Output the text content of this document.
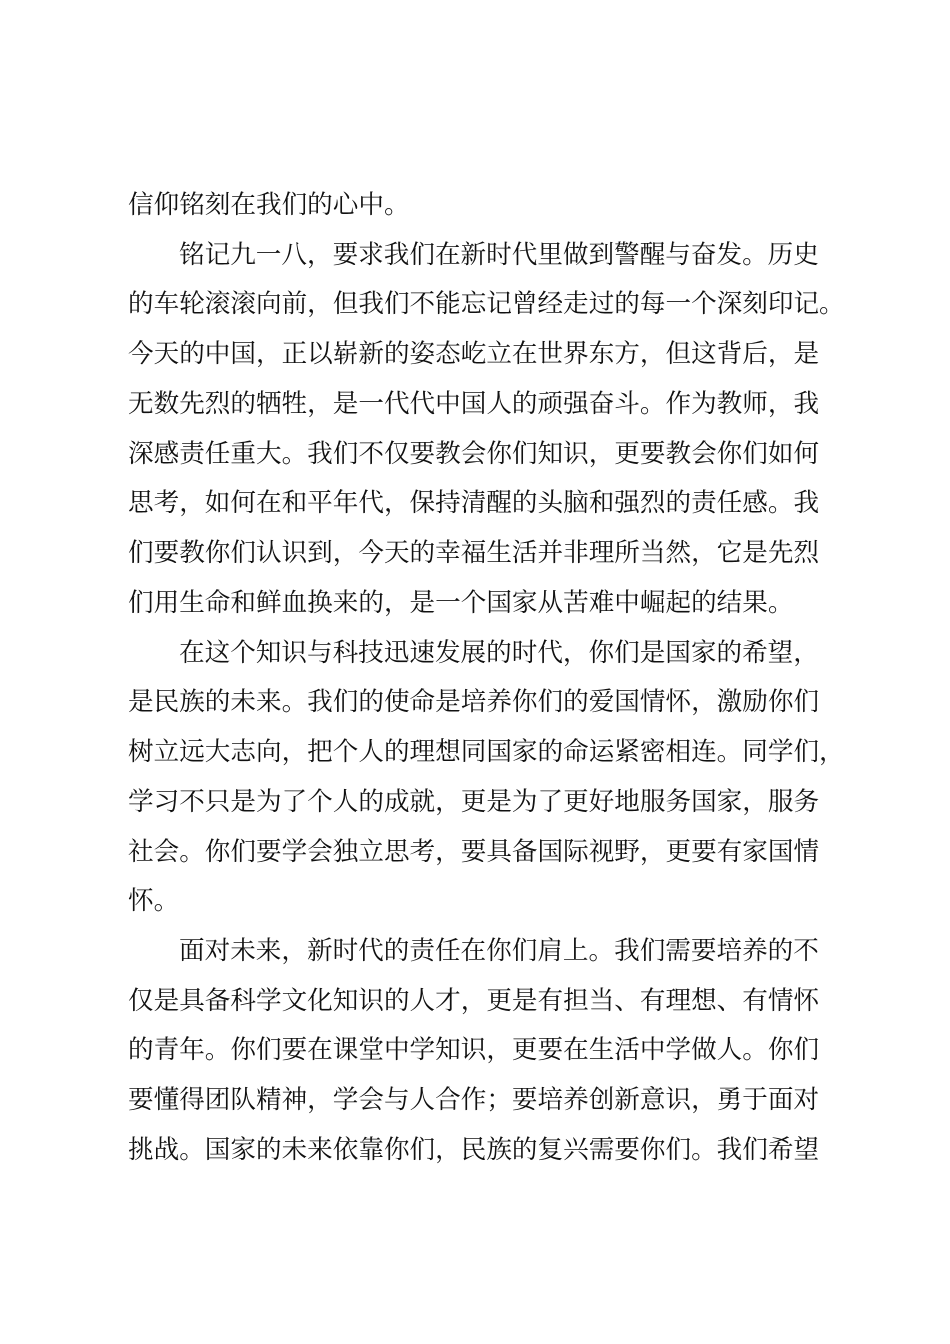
信仰铭刻在我们的心中。
铭记九一八，要求我们在新时代里做到警醒与奋发。历史
的车轮滚滚向前，但我们不能忘记曾经走过的每一个深刻印记。
今天的中国，正以崭新的姿态屹立在世界东方，但这背后，是
无数先烈的牺牲，是一代代中国人的顽强奋斗。作为教师，我
深感责任重大。我们不仅要教会你们知识，更要教会你们如何
思考，如何在和平年代，保持清醒的头脑和强烈的责任感。我
们要教你们认识到，今天的幸福生活并非理所当然，它是先烈
们用生命和鲜血换来的，是一个国家从苦难中崛起的结果。
在这个知识与科技迅速发展的时代，你们是国家的希望，
是民族的未来。我们的使命是培养你们的爱国情怀，激励你们
树立远大志向，把个人的理想同国家的命运紧密相连。同学们，
学习不只是为了个人的成就，更是为了更好地服务国家，服务
社会。你们要学会独立思考，要具备国际视野，更要有家国情
怀。
面对未来，新时代的责任在你们肩上。我们需要培养的不
仅是具备科学文化知识的人才，更是有担当、有理想、有情怀
的青年。你们要在课堂中学知识，更要在生活中学做人。你们
要懂得团队精神，学会与人合作；要培养创新意识，勇于面对
挑战。国家的未来依靠你们，民族的复兴需要你们。我们希望
